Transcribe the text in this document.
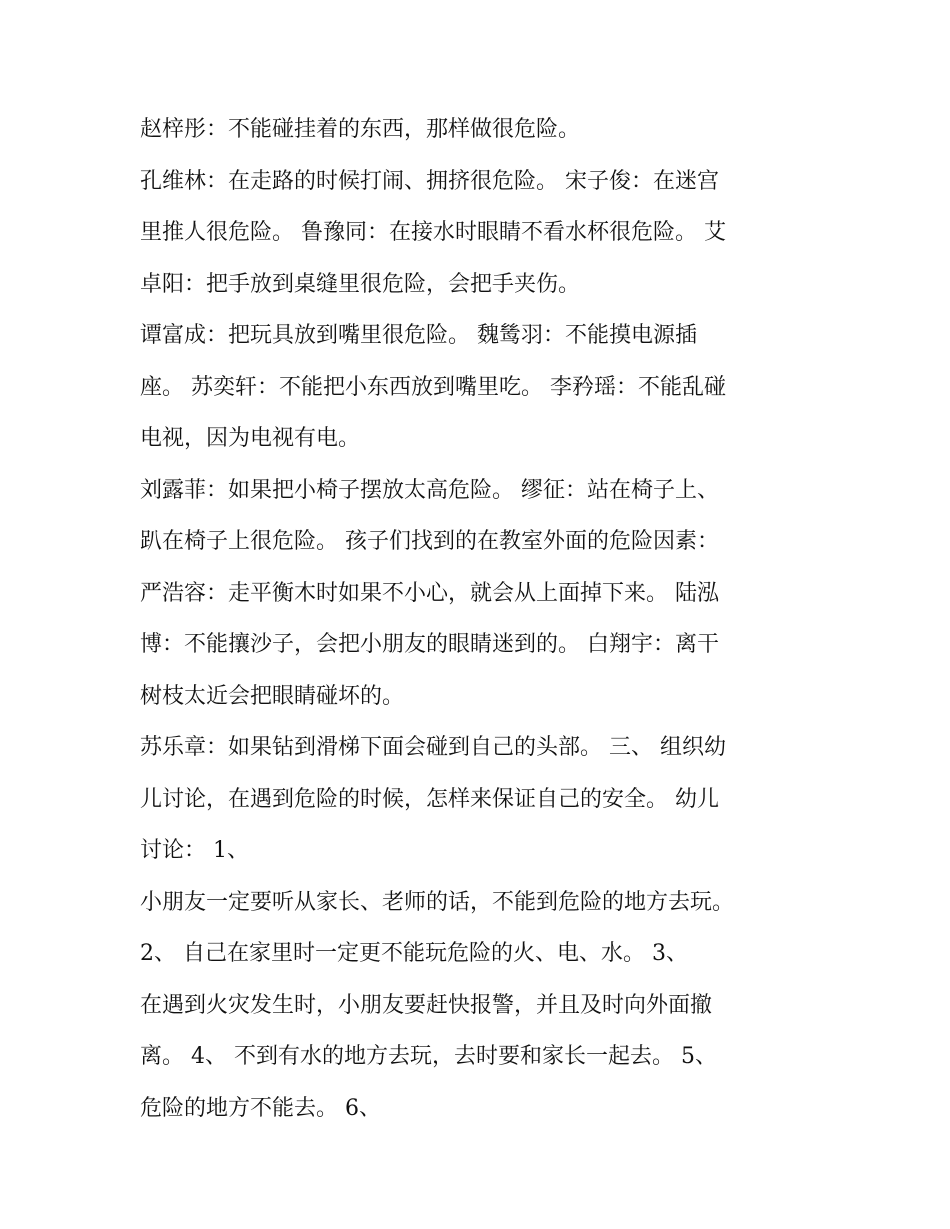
赵梓彤：不能碰挂着的东西，那样做很危险。
孔维林：在走路的时候打闹、拥挤很危险。 宋子俊：在迷宫
里推人很危险。 鲁豫同：在接水时眼睛不看水杯很危险。 艾
卓阳：把手放到桌缝里很危险，会把手夹伤。
谭富成：把玩具放到嘴里很危险。 魏鸶羽：不能摸电源插
座。 苏奕轩：不能把小东西放到嘴里吃。 李矜瑶：不能乱碰
电视，因为电视有电。
刘露菲：如果把小椅子摆放太高危险。 缪征：站在椅子上、
趴在椅子上很危险。 孩子们找到的在教室外面的危险因素：
严浩容：走平衡木时如果不小心，就会从上面掉下来。 陆泓
博：不能攘沙子，会把小朋友的眼睛迷到的。 白翔宇：离干
树枝太近会把眼睛碰坏的。
苏乐章：如果钻到滑梯下面会碰到自己的头部。 三、 组织幼
儿讨论，在遇到危险的时候，怎样来保证自己的安全。 幼儿
讨论： 1、
小朋友一定要听从家长、老师的话，不能到危险的地方去玩。
2、 自己在家里时一定更不能玩危险的火、电、水。 3、
在遇到火灾发生时，小朋友要赶快报警，并且及时向外面撤
离。 4、 不到有水的地方去玩，去时要和家长一起去。 5、
危险的地方不能去。 6、
